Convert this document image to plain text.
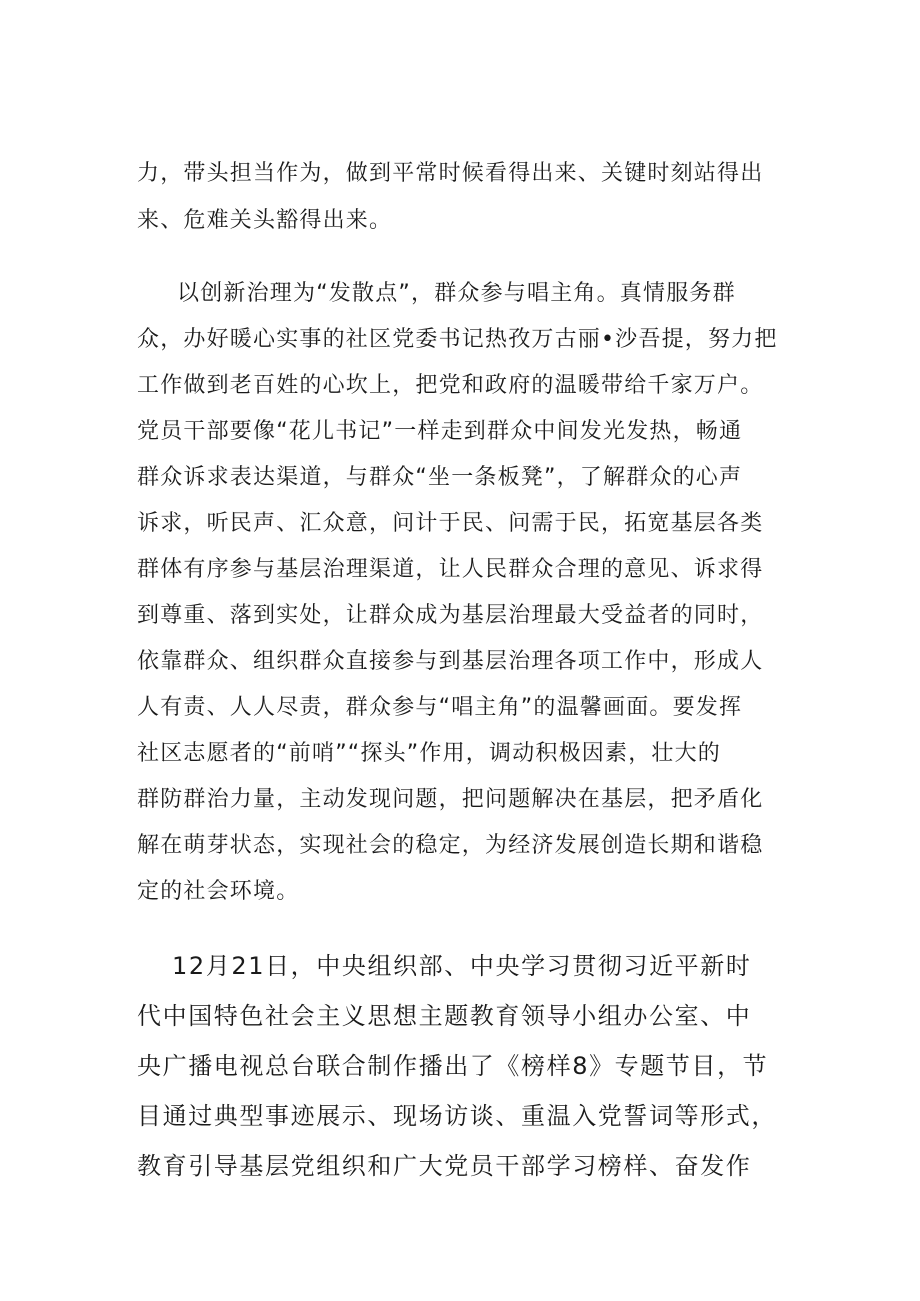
力，带头担当作为，做到平常时候看得出来、关键时刻站得出
来、危难关头豁得出来。
以创新治理为“发散点”，群众参与唱主角。真情服务群
众，办好暖心实事的社区党委书记热孜万古丽•沙吾提，努力把
工作做到老百姓的心坎上，把党和政府的温暖带给千家万户。
党员干部要像“花儿书记”一样走到群众中间发光发热，畅通
群众诉求表达渠道，与群众“坐一条板凳”，了解群众的心声
诉求，听民声、汇众意，问计于民、问需于民，拓宽基层各类
群体有序参与基层治理渠道，让人民群众合理的意见、诉求得
到尊重、落到实处，让群众成为基层治理最大受益者的同时，
依靠群众、组织群众直接参与到基层治理各项工作中，形成人
人有责、人人尽责，群众参与“唱主角”的温馨画面。要发挥
社区志愿者的“前哨”“探头”作用，调动积极因素，壮大的
群防群治力量，主动发现问题，把问题解决在基层，把矛盾化
解在萌芽状态，实现社会的稳定，为经济发展创造长期和谐稳
定的社会环境。
12月21日，中央组织部、中央学习贯彻习近平新时
代中国特色社会主义思想主题教育领导小组办公室、中
央广播电视总台联合制作播出了《榜样8》专题节目，节
目通过典型事迹展示、现场访谈、重温入党誓词等形式，
教育引导基层党组织和广大党员干部学习榜样、奋发作
